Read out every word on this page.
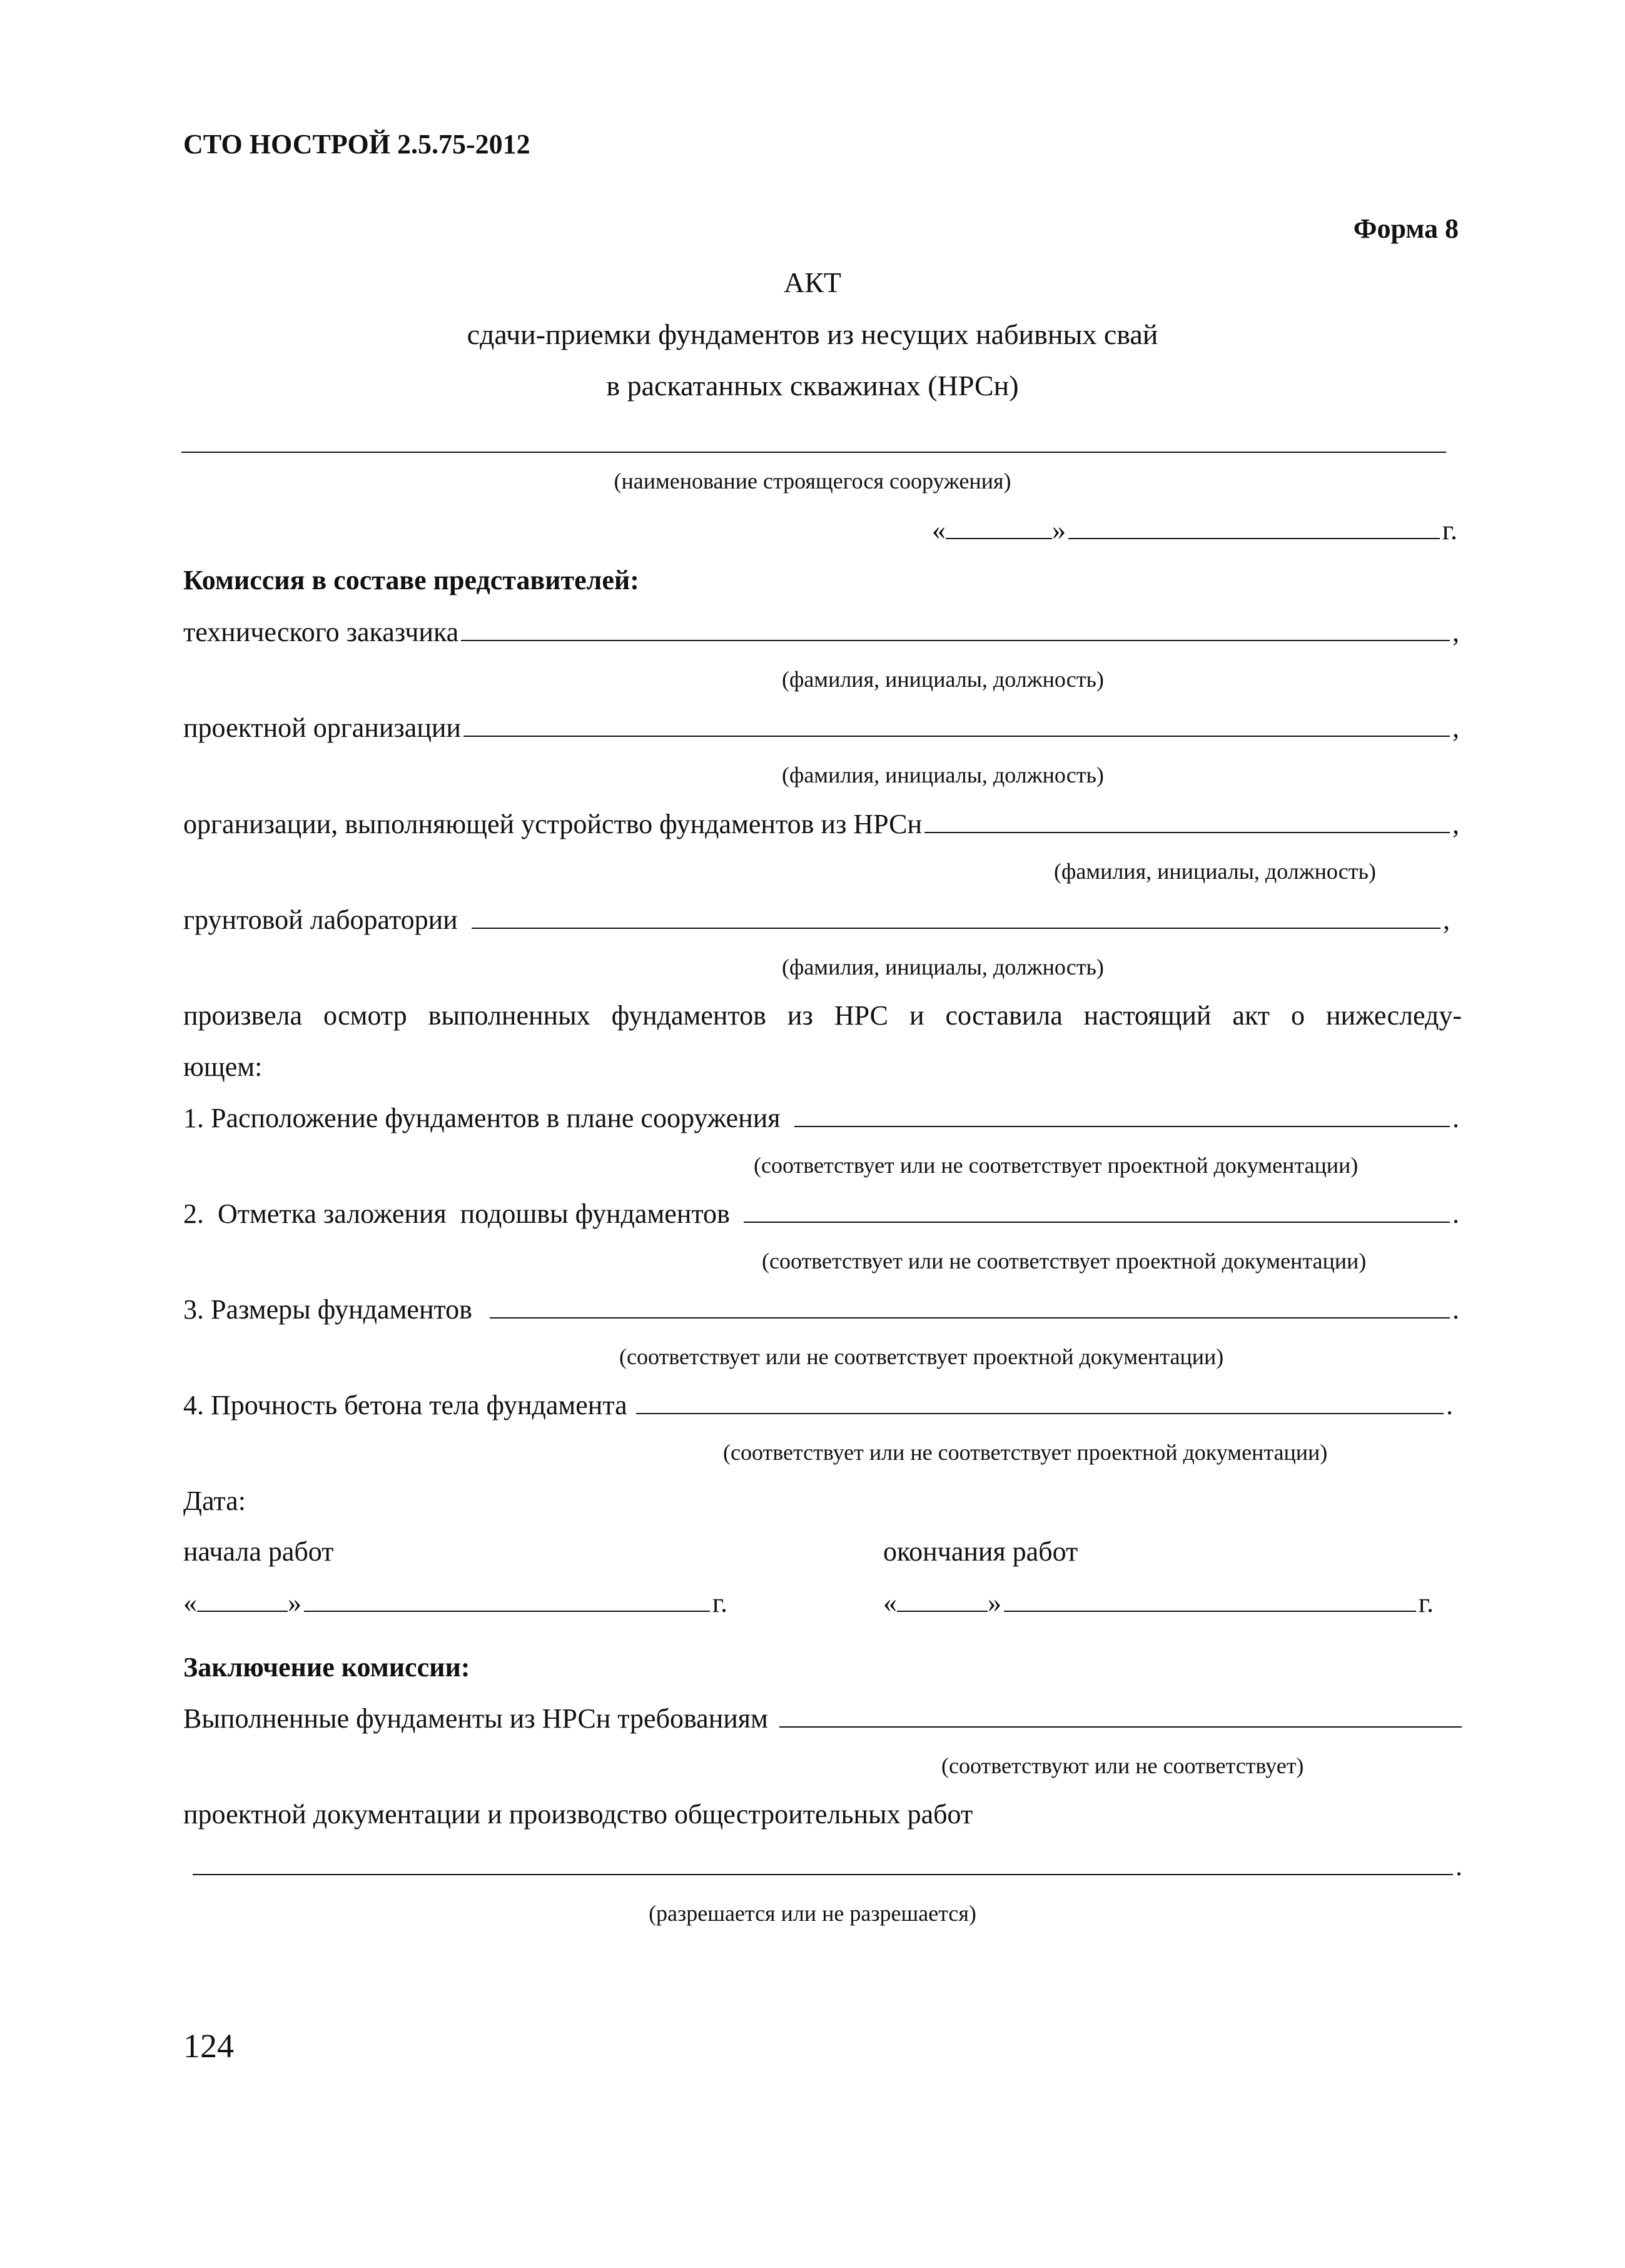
СТО НОСТРОЙ 2.5.75-2012
Форма 8
АКТ
сдачи-приемки фундаментов из несущих набивных свай
в раскатанных скважинах (НРСн)
(наименование строящегося сооружения)
«	»	г.
Комиссия в составе представителей:
технического заказчика	,
(фамилия, инициалы, должность)
проектной организации	,
(фамилия, инициалы, должность)
организации, выполняющей устройство фундаментов из НРСн	,
(фамилия, инициалы, должность)
грунтовой лаборатории	,
(фамилия, инициалы, должность)
произвела осмотр выполненных фундаментов из НРС и составила настоящий акт о нижеследу-
ющем:
1. Расположение фундаментов в плане сооружения	.
(соответствует или не соответствует проектной документации)
2.  Отметка заложения  подошвы фундаментов	.
(соответствует или не соответствует проектной документации)
3. Размеры фундаментов	.
(соответствует или не соответствует проектной документации)
4. Прочность бетона тела фундамента	.
(соответствует или не соответствует проектной документации)
Дата:
начала работ	окончания работ
«	»	г.	«	»	г.
Заключение комиссии:
Выполненные фундаменты из НРСн требованиям
(соответствуют или не соответствует)
проектной документации и производство общестроительных работ
.
(разрешается или не разрешается)
124
